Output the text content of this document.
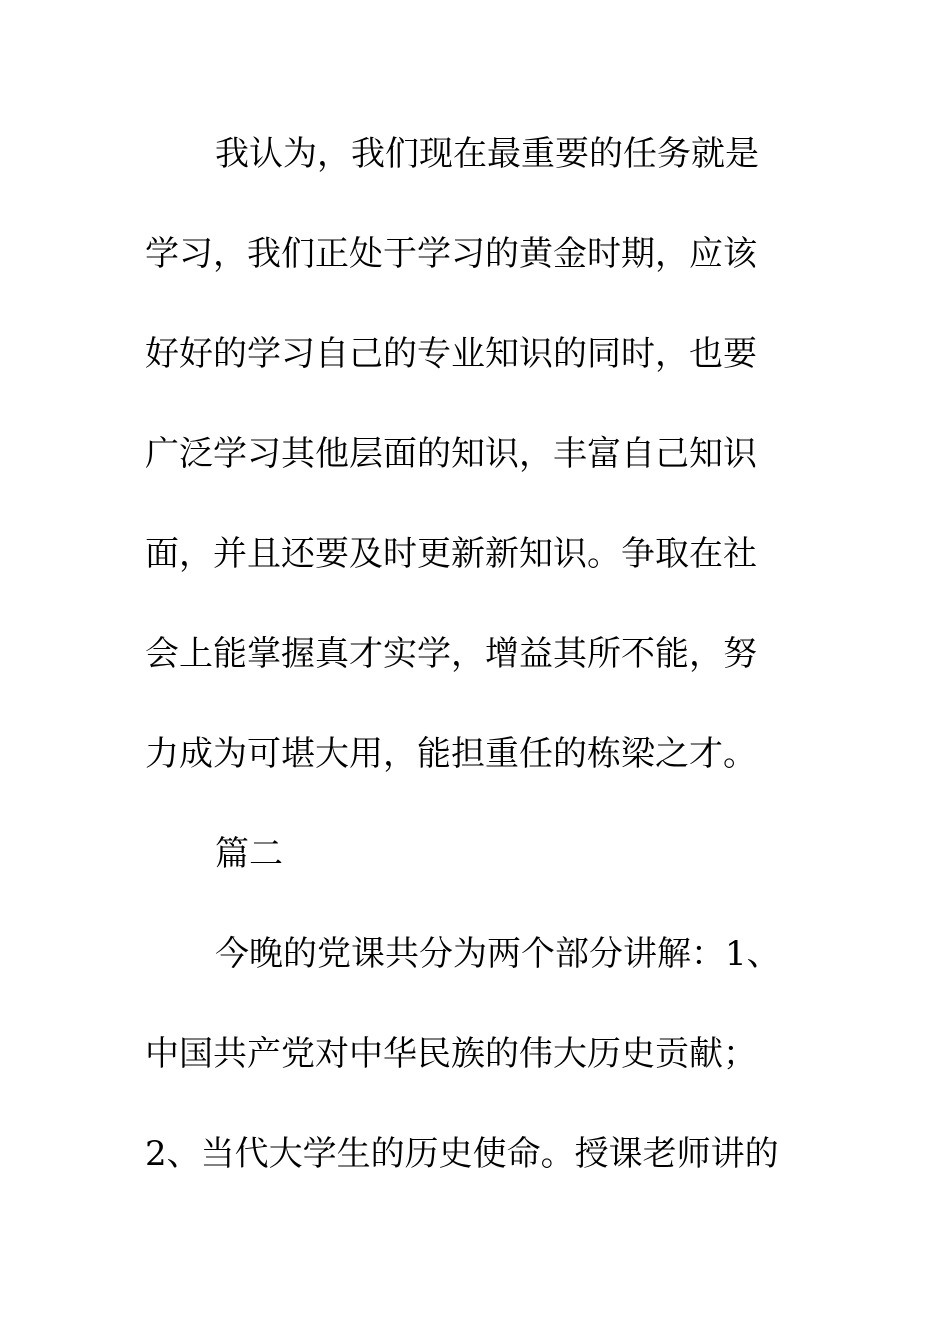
我认为，我们现在最重要的任务就是
学习，我们正处于学习的黄金时期，应该
好好的学习自己的专业知识的同时，也要
广泛学习其他层面的知识，丰富自己知识
面，并且还要及时更新新知识。争取在社
会上能掌握真才实学，增益其所不能，努
力成为可堪大用，能担重任的栋梁之才。
篇二
今晚的党课共分为两个部分讲解：1、
中国共产党对中华民族的伟大历史贡献；
2、当代大学生的历史使命。授课老师讲的
